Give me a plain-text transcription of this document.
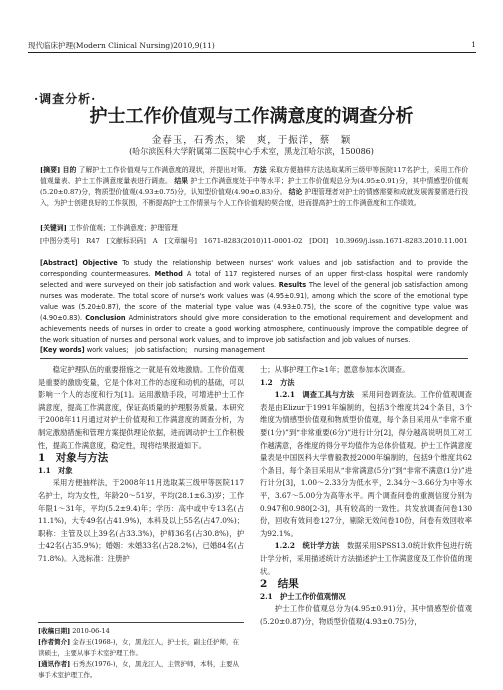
现代临床护理(Modern Clinical Nursing)2010,9(11)	1
·调查分析·
护士工作价值观与工作满意度的调查分析
金春玉，石秀杰，梁　爽，于振洋，蔡　颖
(哈尔滨医科大学附属第二医院中心手术室，黑龙江哈尔滨，150086)
[摘要] 目的 了解护士工作价值观与工作满意度的现状，并提出对策。 方法 采取方便抽样方法选取某所三级甲等医院117名护士，采用工作价值观量表、护士工作满意度量表进行调查。 结果 护士工作满意度处于中等水平；护士工作价值观总分为(4.95±0.91)分，其中情感型价值观(5.20±0.87)分，物质型价值观(4.93±0.75)分，认知型价值观(4.90±0.83)分。 结论 护理管理者对护士的情感需要和成就发展需要需进行投入，为护士创建良好的工作氛围，不断提高护士工作情景与个人工作价值观的契合度，进而提高护士的工作满意度和工作绩效。
[关键词] 工作价值观；工作满意度；护理管理
[中图分类号]　R47　[文献标识码]　A　[文章编号]　1671-8283(2010)11-0001-02　[DOI]　10.3969/j.issn.1671-8283.2010.11.001
[Abstract] Objective To study the relationship between nurses' work values and job satisfaction and to provide the corresponding countermeasures. Method A total of 117 registered nurses of an upper first-class hospital were randomly selected and were surveyed on their job satisfaction and work values. Results The level of the general job satisfaction among nurses was moderate. The total score of nurse's work values was (4.95±0.91), among which the score of the emotional type value was (5.20±0.87), the score of the material type value was (4.93±0.75), the score of the cognitive type value was (4.90±0.83). Conclusion Administrators should give more consideration to the emotional requirement and development and achievements needs of nurses in order to create a good working atmosphere, continuously improve the compatible degree of the work situation of nurses and personal work values, and to improve job satisfaction and job values of nurses.
[Key words] work values;　job satisfaction;　nursing management

稳定护理队伍的重要措施之一就是有效地激励。工作价值观是重要的激励变量，它是个体对工作的态度和动机的基础，可以影响一个人的态度和行为[1]。运用激励手段，可增进护士工作满意度，提高工作满意度，保证高质量的护理服务质量。本研究于2008年11月通过对护士价值观和工作满意度的调查分析，为制定激励措施和管理方案提供理论依据，进而调动护士工作积极性，提高工作满意度，稳定性，现将结果报道如下。

1　对象与方法

1.1　对象

采用方便抽样法，于2008年11月选取某三级甲等医院117名护士，均为女性，年龄20～51岁，平均(28.1±6.3)岁；工作年限1～31年，平均(5.2±9.4)年；学历：高中或中专13名(占11.1%)，大专49名(占41.9%)，本科及以上55名(占47.0%)；职称：主管及以上39名(占33.3%)，护师36名(占30.8%)，护士42名(占35.9%)；婚姻：未婚33名(占28.2%)，已婚84名(占71.8%)。入选标准：注册护

士；从事护理工作≥1年；愿意参加本次调查。

1.2　方法

1.2.1　调查工具与方法　 采用问卷调查法。工作价值观调查表是由Elizur于1991年编制的，包括3个维度共24个条目，3个维度为情感型价值观和物质型价值观，每个条目采用从“非常不重要(1分)”到“非常重要(6分)”进行计分[2]，得分越高说明员工对工作越满意，各维度的得分平均值作为总体价值观。护士工作满意度量表是中国医科大学曹毅教授2000年编制的，包括9个维度共62个条目，每个条目采用从“非常满意(5分)”到“非常不满意(1分)”进行计分[3]，1.00～2.33分为低水平，2.34分～3.66分为中等水平，3.67～5.00分为高等水平。两个调查问卷的重测信度分别为0.947和0.980[2-3]，具有较高的一致性。共发放调查问卷130份，回收有效问卷127分，剔除无效问卷10份，问卷有效回收率为92.1%。

1.2.2　统计学方法　 数据采用SPSS13.0统计软件包进行统计学分析，采用描述统计方法描述护士工作满意度及工作价值的现状。

2　结果

2.1　护士工作价值观情况

护士工作价值观总分为(4.95±0.91)分，其中情感型价值观(5.20±0.87)分，物质型价值观(4.93±0.75)分，

[收稿日期] 2010-06-14

[作者简介] 金春玉(1968-)，女，黑龙江人，护士长，副主任护师，在读硕士，主要从事手术室护理工作。

[通讯作者] 石秀杰(1976-)，女，黑龙江人，主管护师，本科，主要从事手术室护理工作。
